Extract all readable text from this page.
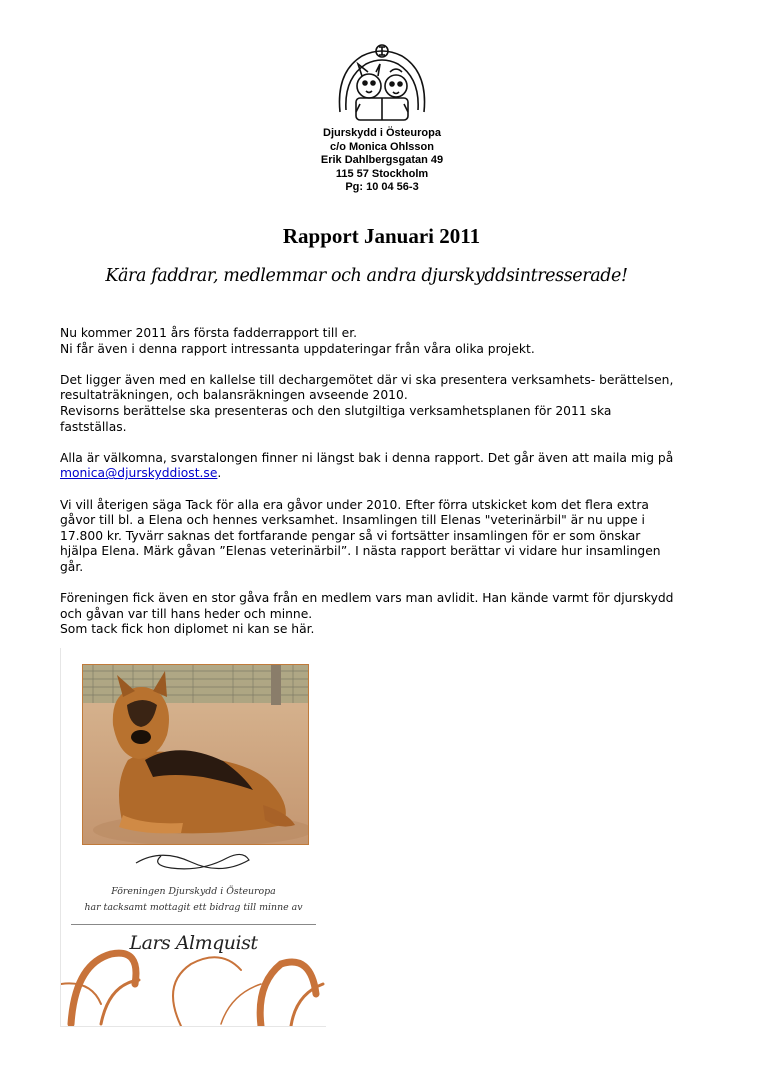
Djurskydd i Östeuropa
c/o Monica Ohlsson
Erik Dahlbergsgatan 49
115 57 Stockholm
Pg: 10 04 56-3
Rapport Januari 2011
Kära faddrar, medlemmar och andra djurskyddsintresserade!

Nu kommer 2011 års första fadderrapport till er.
Ni får även i denna rapport intressanta uppdateringar från våra olika projekt.

Det ligger även med en kallelse till dechargemötet där vi ska presentera verksamhets- berättelsen,
resultaträkningen, och balansräkningen avseende 2010.
Revisorns berättelse ska presenteras och den slutgiltiga verksamhetsplanen för 2011 ska
fastställas.

Alla är välkomna, svarstalongen finner ni längst bak i denna rapport. Det går även att maila mig på
monica@djurskyddiost.se.

Vi vill återigen säga Tack för alla era gåvor under 2010. Efter förra utskicket kom det flera extra
gåvor till bl. a Elena och hennes verksamhet. Insamlingen till Elenas "veterinärbil" är nu uppe i
17.800 kr. Tyvärr saknas det fortfarande pengar så vi fortsätter insamlingen för er som önskar
hjälpa Elena. Märk gåvan ”Elenas veterinärbil”. I nästa rapport berättar vi vidare hur insamlingen
går.

Föreningen fick även en stor gåva från en medlem vars man avlidit. Han kände varmt för djurskydd
och gåvan var till hans heder och minne.
Som tack fick hon diplomet ni kan se här.

Föreningen Djurskydd i Östeuropa
har tacksamt mottagit ett bidrag till minne av
Lars Almquist
